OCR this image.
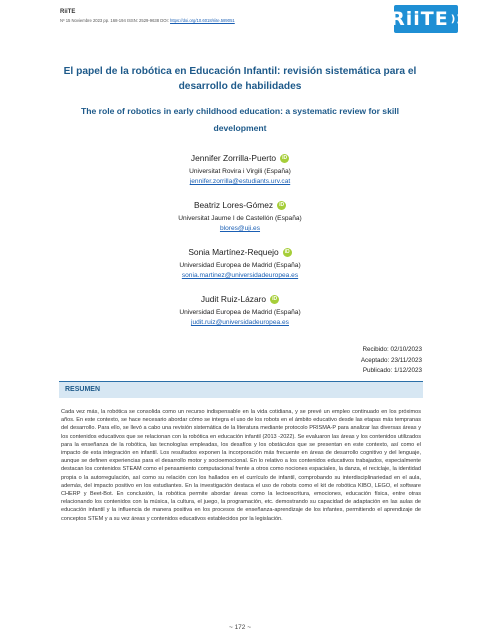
RiiTE
Nº 15 Noviembre 2023 pp. 168-194 ISSN: 2529-9638 DOI: https://doi.org/10.6018/riite.589051	RiiTE ))
El papel de la robótica en Educación Infantil: revisión sistemática para el desarrollo de habilidades
The role of robotics in early childhood education: a systematic review for skill development
Jennifer Zorrilla-Puerto	iD
Universitat Rovira i Virgili (España)
jennifer.zorrilla@estudiants.urv.cat
Beatriz Lores-Gómez	iD
Universitat Jaume I de Castellón (España)
blores@uji.es
Sonia Martínez-Requejo	iD
Universidad Europea de Madrid (España)
sonia.martinez@universidadeuropea.es
Judit Ruiz-Lázaro	iD
Universidad Europea de Madrid (España)
judit.ruiz@universidadeuropea.es
Recibido: 02/10/2023
Aceptado: 23/11/2023
Publicado: 1/12/2023
RESUMEN
Cada vez más, la robótica se consolida como un recurso indispensable en la vida cotidiana, y se prevé un empleo continuado en los próximos años. En este contexto, se hace necesario abordar cómo se integra el uso de los robots en el ámbito educativo desde las etapas más tempranas del desarrollo. Para ello, se llevó a cabo una revisión sistemática de la literatura mediante protocolo PRISMA-P para analizar las diversas áreas y los contenidos educativos que se relacionan con la robótica en educación infantil (2013 -2022). Se evaluaron las áreas y los contenidos utilizados para la enseñanza de la robótica, las tecnologías empleadas, los desafíos y los obstáculos que se presentan en este contexto, así como el impacto de esta integración en infantil. Los resultados exponen la incorporación más frecuente en áreas de desarrollo cognitivo y del lenguaje, aunque se definen experiencias para el desarrollo motor y socioemocional. En lo relativo a los contenidos educativos trabajados, especialmente destacan los contenidos STEAM como el pensamiento computacional frente a otros como nociones espaciales, la danza, el reciclaje, la identidad propia o la autorregulación, así como su relación con los hallados en el currículo de infantil, comprobando su interdisciplinariedad en el aula, además, del impacto positivo en los estudiantes. En la investigación destaca el uso de robots como el kit de robótica KIBO, LEGO, el software CHERP y Beet-Bot. En conclusión, la robótica permite abordar áreas como la lectoescritura, emociones, educación física, entre otras relacionando los contenidos con la música, la cultura, el juego, la programación, etc. demostrando su capacidad de adaptación en las aulas de educación infantil y la influencia de manera positiva en los procesos de enseñanza-aprendizaje de los infantes, permitiendo el aprendizaje de conceptos STEM y a su vez áreas y contenidos educativos establecidos por la legislación.
~ 172 ~
